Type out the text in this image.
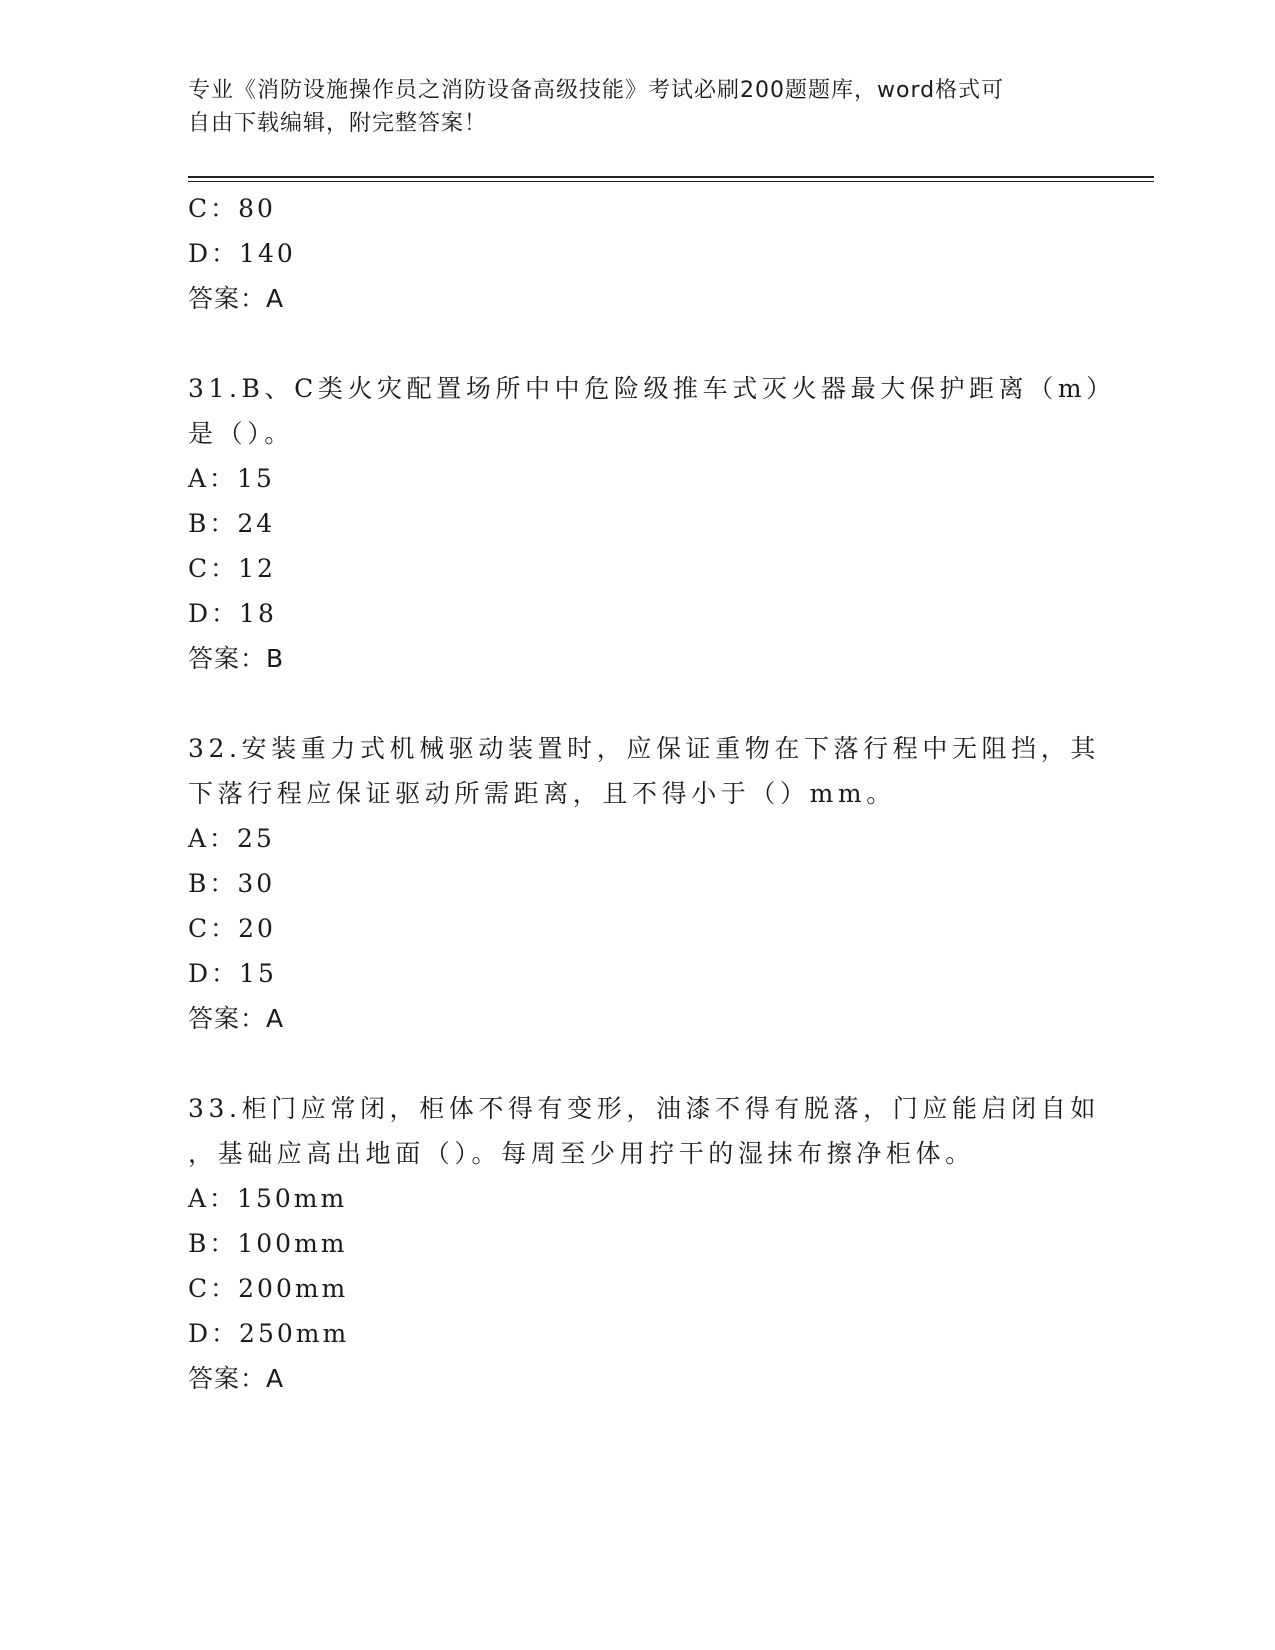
专业《消防设施操作员之消防设备高级技能》考试必刷200题题库，word格式可
自由下载编辑，附完整答案！
C：80
D：140
答案：A
31.B、C类火灾配置场所中中危险级推车式灭火器最大保护距离（m）
是（）。
A：15
B：24
C：12
D：18
答案：B
32.安装重力式机械驱动装置时，应保证重物在下落行程中无阻挡，其
下落行程应保证驱动所需距离，且不得小于（）mm。
A：25
B：30
C：20
D：15
答案：A
33.柜门应常闭，柜体不得有变形，油漆不得有脱落，门应能启闭自如
，基础应高出地面（）。每周至少用拧干的湿抹布擦净柜体。
A：150mm
B：100mm
C：200mm
D：250mm
答案：A
